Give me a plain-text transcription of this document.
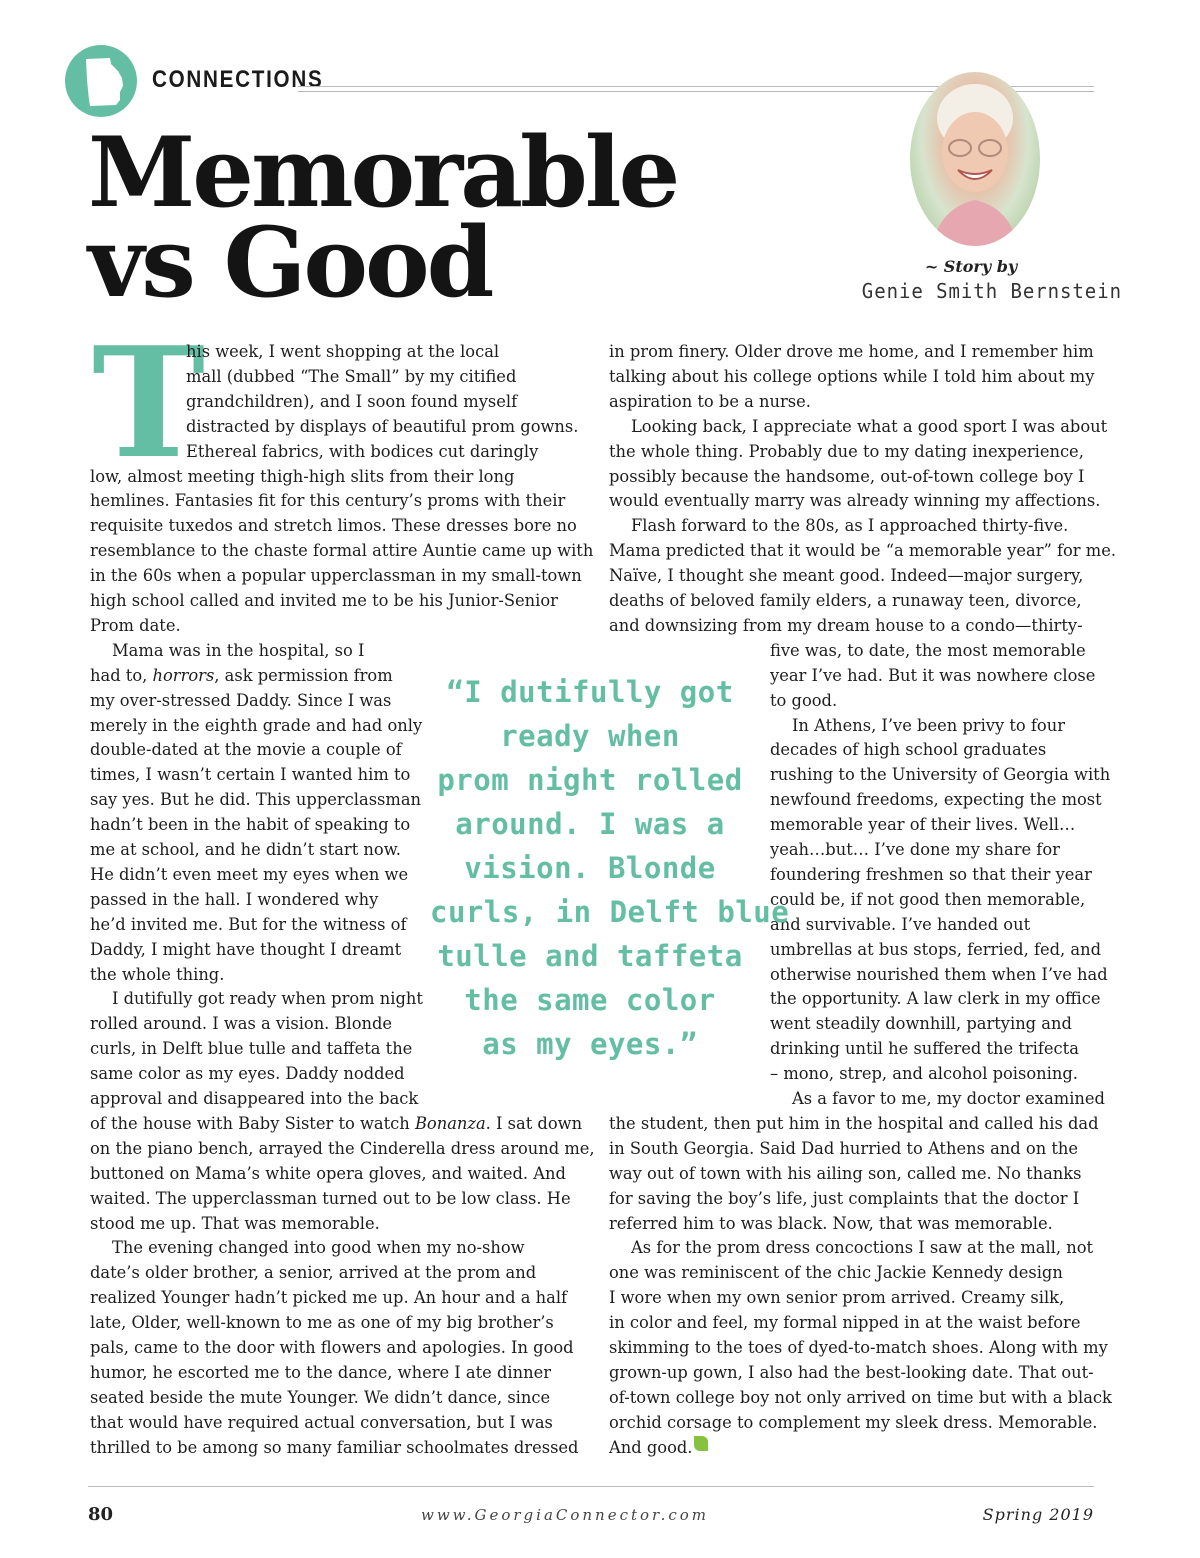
CONNECTIONS
Memorable
vs Good	~ Story by
Genie Smith Bernstein
T

his week, I went shopping at the local

mall (dubbed “The Small” by my citified

grandchildren), and I soon found myself

distracted by displays of beautiful prom gowns.

Ethereal fabrics, with bodices cut daringly

low, almost meeting thigh-high slits from their long

hemlines. Fantasies fit for this century’s proms with their

requisite tuxedos and stretch limos. These dresses bore no

resemblance to the chaste formal attire Auntie came up with

in the 60s when a popular upperclassman in my small-town

high school called and invited me to be his Junior-Senior

Prom date.

Mama was in the hospital, so I

had to, horrors, ask permission from

my over-stressed Daddy. Since I was

merely in the eighth grade and had only

double-dated at the movie a couple of

times, I wasn’t certain I wanted him to

say yes. But he did. This upperclassman

hadn’t been in the habit of speaking to

me at school, and he didn’t start now.

He didn’t even meet my eyes when we

passed in the hall. I wondered why

he’d invited me. But for the witness of

Daddy, I might have thought I dreamt

the whole thing.

I dutifully got ready when prom night

rolled around. I was a vision. Blonde

curls, in Delft blue tulle and taffeta the

same color as my eyes. Daddy nodded

approval and disappeared into the back

of the house with Baby Sister to watch Bonanza. I sat down

on the piano bench, arrayed the Cinderella dress around me,

buttoned on Mama’s white opera gloves, and waited. And

waited. The upperclassman turned out to be low class. He

stood me up. That was memorable.

The evening changed into good when my no-show

date’s older brother, a senior, arrived at the prom and

realized Younger hadn’t picked me up. An hour and a half

late, Older, well-known to me as one of my big brother’s

pals, came to the door with flowers and apologies. In good

humor, he escorted me to the dance, where I ate dinner

seated beside the mute Younger. We didn’t dance, since

that would have required actual conversation, but I was

thrilled to be among so many familiar schoolmates dressed

in prom finery. Older drove me home, and I remember him

talking about his college options while I told him about my

aspiration to be a nurse.

Looking back, I appreciate what a good sport I was about

the whole thing. Probably due to my dating inexperience,

possibly because the handsome, out-of-town college boy I

would eventually marry was already winning my affections.

Flash forward to the 80s, as I approached thirty-five.

Mama predicted that it would be “a memorable year” for me.

Naïve, I thought she meant good. Indeed—major surgery,

deaths of beloved family elders, a runaway teen, divorce,

and downsizing from my dream house to a condo—thirty-

five was, to date, the most memorable

year I’ve had. But it was nowhere close

to good.

In Athens, I’ve been privy to four

decades of high school graduates

rushing to the University of Georgia with

newfound freedoms, expecting the most

memorable year of their lives. Well…

yeah…but… I’ve done my share for

foundering freshmen so that their year

could be, if not good then memorable,

and survivable. I’ve handed out

umbrellas at bus stops, ferried, fed, and

otherwise nourished them when I’ve had

the opportunity. A law clerk in my office

went steadily downhill, partying and

drinking until he suffered the trifecta

– mono, strep, and alcohol poisoning.

As a favor to me, my doctor examined

the student, then put him in the hospital and called his dad

in South Georgia. Said Dad hurried to Athens and on the

way out of town with his ailing son, called me. No thanks

for saving the boy’s life, just complaints that the doctor I

referred him to was black. Now, that was memorable.

As for the prom dress concoctions I saw at the mall, not

one was reminiscent of the chic Jackie Kennedy design

I wore when my own senior prom arrived. Creamy silk,

in color and feel, my formal nipped in at the waist before

skimming to the toes of dyed-to-match shoes. Along with my

grown-up gown, I also had the best-looking date. That out-

of-town college boy not only arrived on time but with a black

orchid corsage to complement my sleek dress. Memorable.

And good.

“I dutifully got
ready when
prom night rolled
around. I was a
vision. Blonde
curls, in Delft blue
tulle and taffeta
the same color
as my eyes.”
80	www.GeorgiaConnector.com	Spring 2019
